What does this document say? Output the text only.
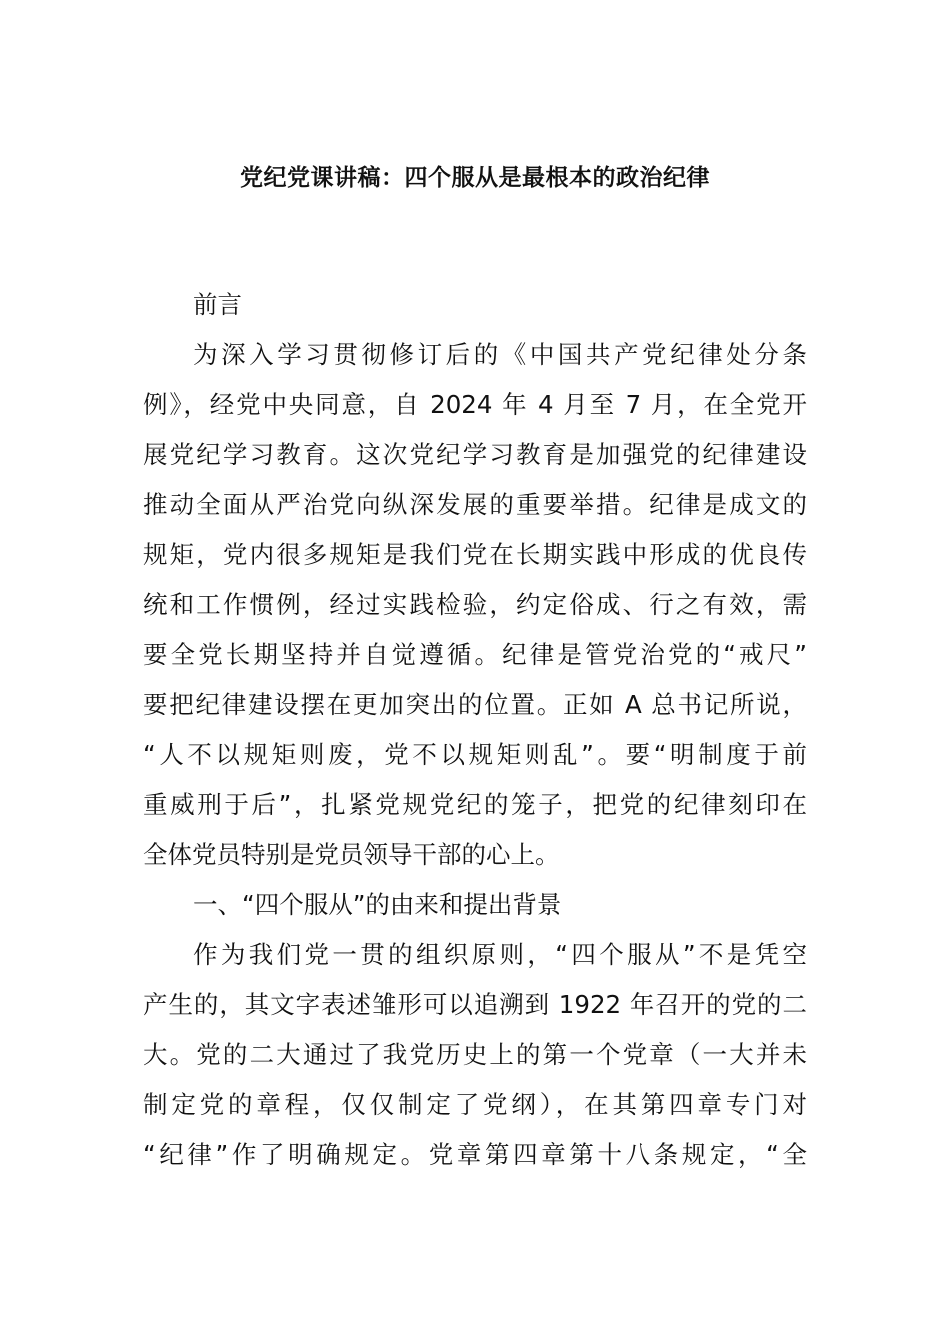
党纪党课讲稿：四个服从是最根本的政治纪律
前言
为深入学习贯彻修订后的《中国共产党纪律处分条
例》，经党中央同意，自 2024 年 4 月至 7 月，在全党开
展党纪学习教育。这次党纪学习教育是加强党的纪律建设
推动全面从严治党向纵深发展的重要举措。纪律是成文的
规矩，党内很多规矩是我们党在长期实践中形成的优良传
统和工作惯例，经过实践检验，约定俗成、行之有效，需
要全党长期坚持并自觉遵循。纪律是管党治党的“戒尺”
要把纪律建设摆在更加突出的位置。正如 A 总书记所说，
“人不以规矩则废，党不以规矩则乱”。要“明制度于前
重威刑于后”，扎紧党规党纪的笼子，把党的纪律刻印在
全体党员特别是党员领导干部的心上。
一、“四个服从”的由来和提出背景
作为我们党一贯的组织原则，“四个服从”不是凭空
产生的，其文字表述雏形可以追溯到 1922 年召开的党的二
大。党的二大通过了我党历史上的第一个党章（一大并未
制定党的章程，仅仅制定了党纲），在其第四章专门对
“纪律”作了明确规定。党章第四章第十八条规定，“全
